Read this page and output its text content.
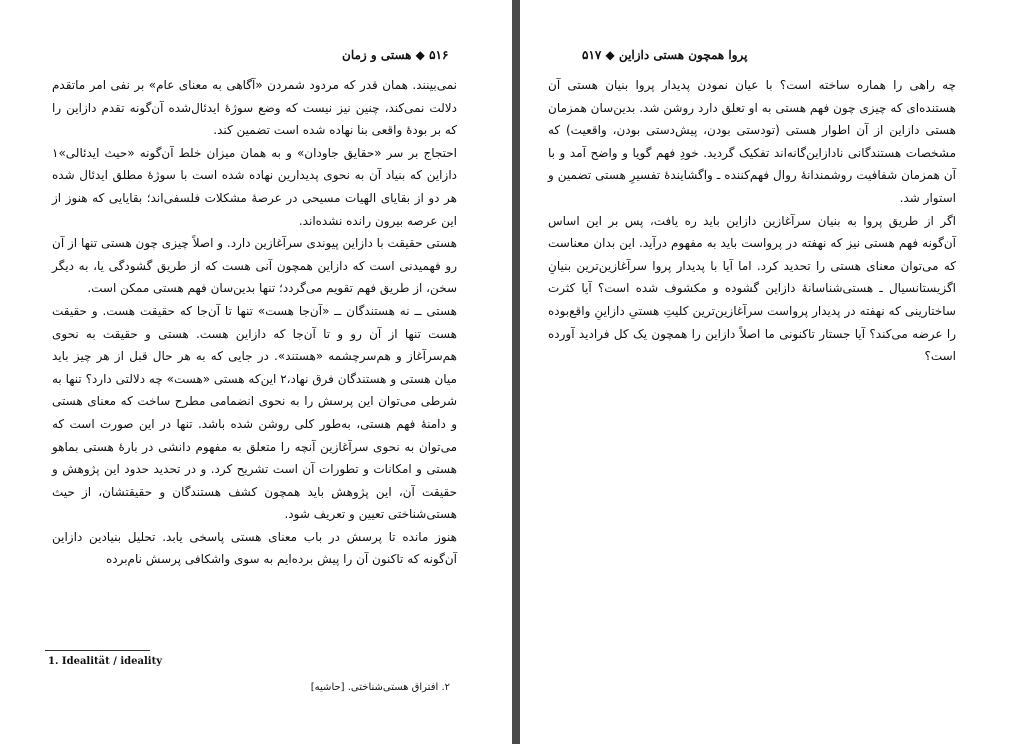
۵۱۶ ◆ هستی و زمان

نمی‌بینند. همان قدر که مردود شمردن «آگاهی به معنای عام» بر نفی امر ماتقدم دلالت نمی‌کند، چنین نیز نیست که وضع سوژهٔ ایدئال‌شده آن‌گونه تقدم دازاین را که بر بودهٔ واقعی بنا نهاده شده است تضمین کند.

احتجاج بر سر «حقایق جاودان» و به همان میزان خلط آن‌گونه «حیث ایدئالی»۱ دازاین که بنیاد آن به نحوی پدیدارین نهاده شده است با سوژهٔ مطلق ایدئال شده هر دو از بقایای الهیات مسیحی در عرصهٔ مشکلات فلسفی‌اند؛ بقایایی که هنوز از این عرصه بیرون رانده نشده‌اند.

هستی حقیقت با دازاین پیوندی سرآغازین دارد. و اصلاً چیزی چون هستی تنها از آن رو فهمیدنی است که دازاین همچون آنی هست که از طریق گشودگی یا، به دیگر سخن، از طریق فهم تقویم می‌گردد؛ تنها بدین‌سان فهم هستی ممکن است.

هستی ــ نه هستندگان ــ «آن‌جا هست» تنها تا آن‌جا که حقیقت هست. و حقیقت هست تنها از آن رو و تا آن‌جا که دازاین هست. هستی و حقیقت به نحوی هم‌سرآغاز و هم‌سرچشمه «هستند». در جایی که به هر حال قبل از هر چیز باید میان هستی و هستندگان فرق نهاد،۲ این‌که هستی «هست» چه دلالتی دارد؟ تنها به شرطی می‌توان این پرسش را به نحوی انضمامی مطرح ساخت که معنای هستی و دامنهٔ فهم هستی، به‌طور کلی روشن شده باشد. تنها در این صورت است که می‌توان به نحوی سرآغازین آنچه را متعلق به مفهوم دانشی در بارهٔ هستی بماهو هستی و امکانات و تطورات آن است تشریح کرد. و در تحدید حدود این پژوهش و حقیقت آن، این پژوهش باید همچون کشف هستندگان و حقیقتشان، از حیث هستی‌شناختی تعیین و تعریف شود.

هنوز مانده تا پرسش در باب معنای هستی پاسخی یابد. تحلیل بنیادین دازاین آن‌گونه که تاکنون آن را پیش برده‌ایم به سوی واشکافی پرسش نام‌برده

1. Idealität / ideality
۲. افتراق هستی‌شناختی. [حاشیه]
پروا همچون هستی دازاین ◆ ۵۱۷

چه راهی را هماره ساخته است؟ با عیان نمودن پدیدار پروا بنیان هستی آن هستنده‌ای که چیزی چون فهم هستی به او تعلق دارد روشن شد. بدین‌سان همزمان هستی دازاین از آن اطوار هستی (تودستی بودن، پیش‌دستی بودن، واقعیت) که مشخصات هستندگانی نادازاین‌گانه‌اند تفکیک گردید. خودِ فهم گویا و واضح آمد و با آن همزمان شفافیت روشمندانهٔ روال فهم‌کننده ـ واگشایندهٔ تفسیرِ هستی تضمین و استوار شد.

اگر از طریق پروا به بنیان سرآغازین دازاین باید ره یافت، پس بر این اساس آن‌گونه فهم هستی نیز که نهفته در پرواست باید به مفهوم درآید. این بدان معناست که می‌توان معنای هستی را تحدید کرد. اما آیا با پدیدار پروا سرآغازین‌ترین بنیانِ اگزیستانسیال ـ هستی‌شناسانهٔ دازاین گشوده و مکشوف شده است؟ آیا کثرت ساختارینی که نهفته در پدیدار پرواست سرآغازین‌ترین کلیتِ هستیِ دازاینِ واقع‌بوده را عرضه می‌کند؟ آیا جستار تاکنونی ما اصلاً دازاین را همچون یک کل فرادید آورده است؟
